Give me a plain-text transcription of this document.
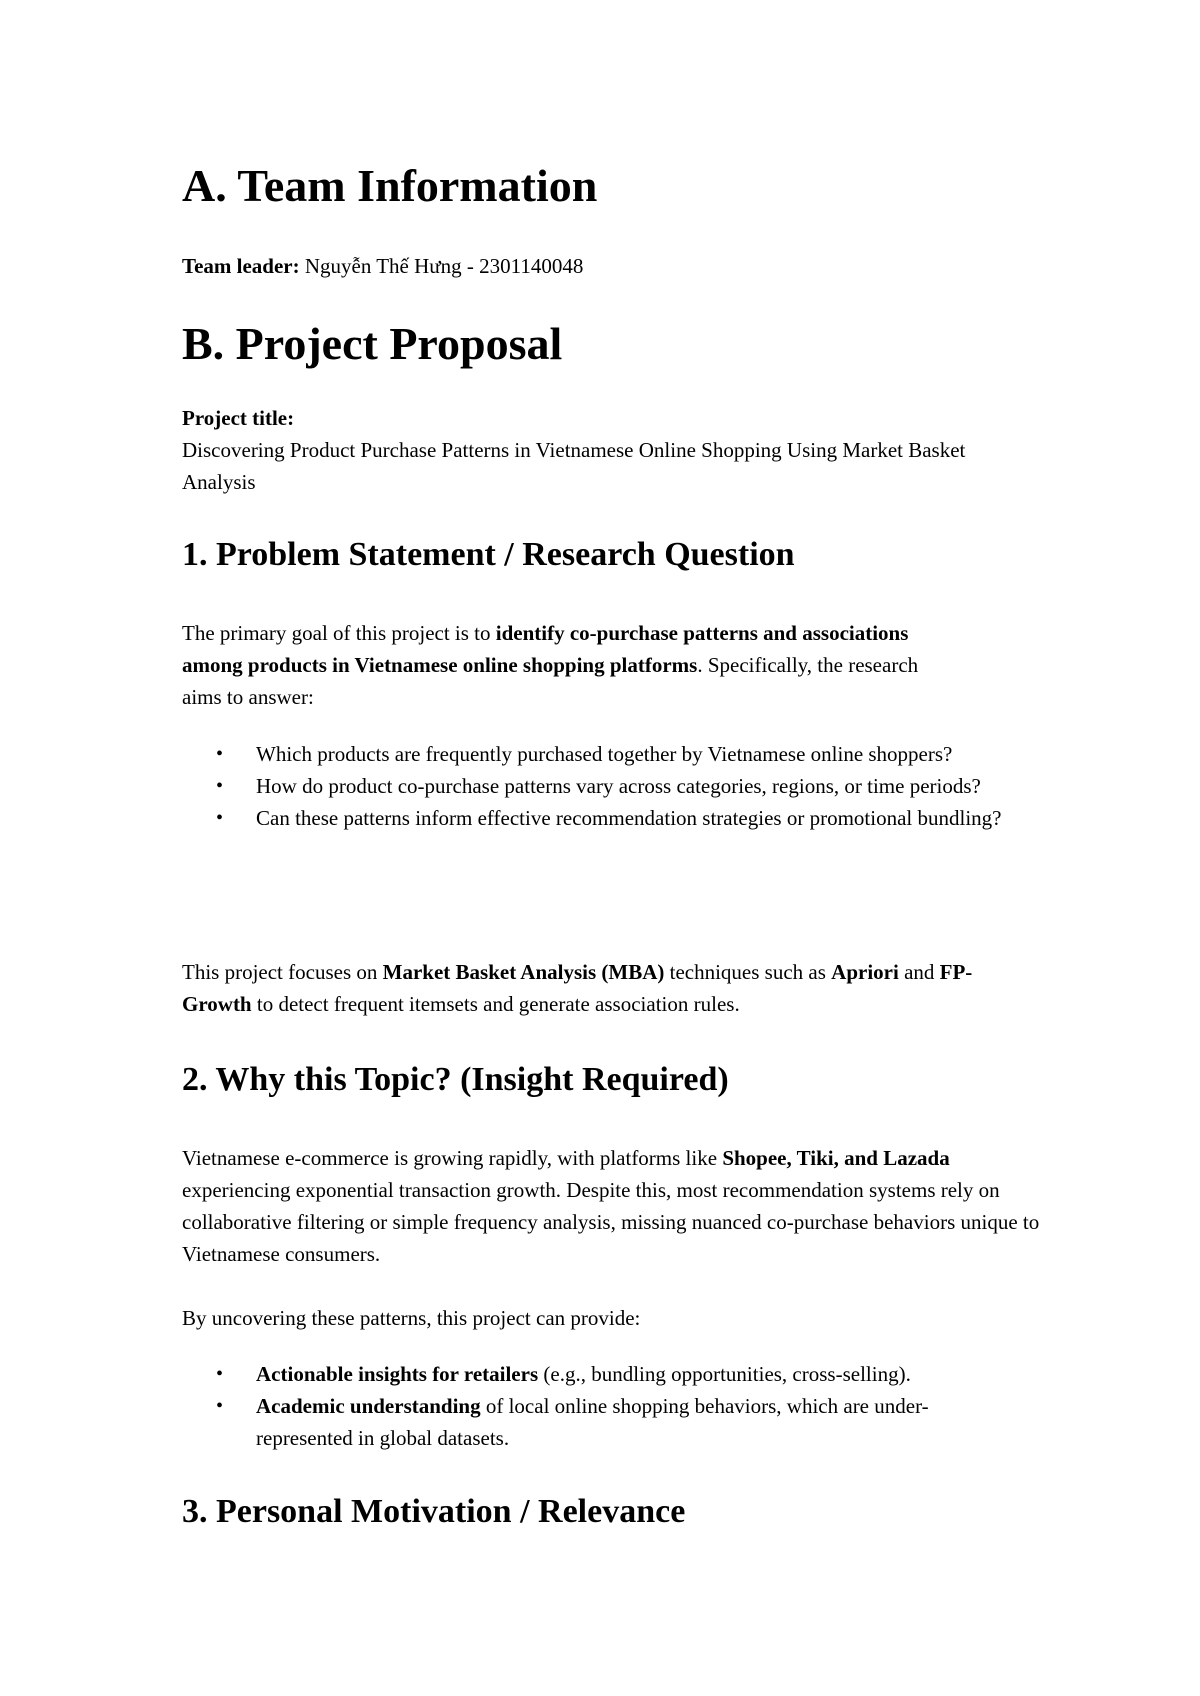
A. Team Information

Team leader: Nguyễn Thế Hưng - 2301140048

B. Project Proposal

Project title:

Discovering Product Purchase Patterns in Vietnamese Online Shopping Using Market Basket Analysis

1. Problem Statement / Research Question

The primary goal of this project is to identify co-purchase patterns and associations among products in Vietnamese online shopping platforms. Specifically, the research aims to answer:

• Which products are frequently purchased together by Vietnamese online shoppers?
• How do product co-purchase patterns vary across categories, regions, or time periods?
• Can these patterns inform effective recommendation strategies or promotional bundling?

This project focuses on Market Basket Analysis (MBA) techniques such as Apriori and FP-Growth to detect frequent itemsets and generate association rules.

2. Why this Topic? (Insight Required)

Vietnamese e-commerce is growing rapidly, with platforms like Shopee, Tiki, and Lazada experiencing exponential transaction growth. Despite this, most recommendation systems rely on collaborative filtering or simple frequency analysis, missing nuanced co-purchase behaviors unique to Vietnamese consumers.

By uncovering these patterns, this project can provide:

• Actionable insights for retailers (e.g., bundling opportunities, cross-selling).
• Academic understanding of local online shopping behaviors, which are under-represented in global datasets.
3. Personal Motivation / Relevance
